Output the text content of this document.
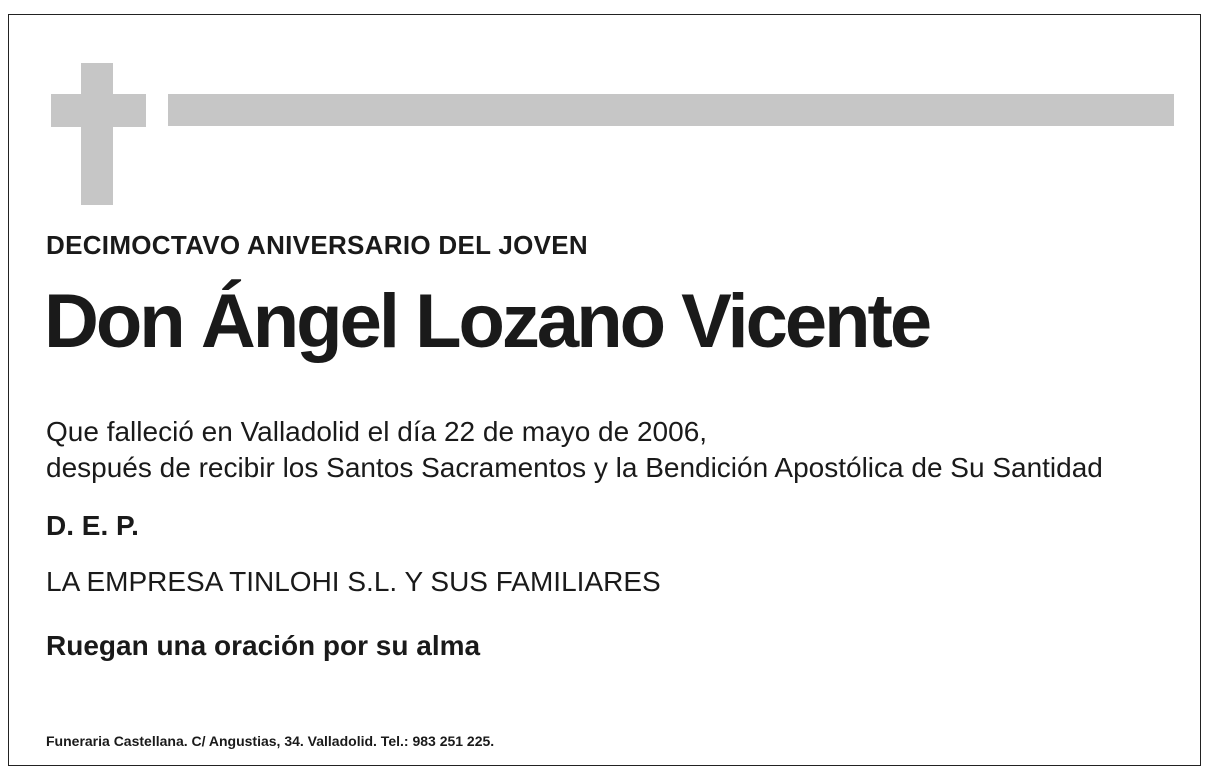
DECIMOCTAVO ANIVERSARIO DEL JOVEN
Don Ángel Lozano Vicente
Que falleció en Valladolid el día 22 de mayo de 2006,
después de recibir los Santos Sacramentos y la Bendición Apostólica de Su Santidad
D. E. P.
LA EMPRESA TINLOHI S.L. Y SUS FAMILIARES
Ruegan una oración por su alma
Funeraria Castellana. C/ Angustias, 34. Valladolid. Tel.: 983 251 225.
